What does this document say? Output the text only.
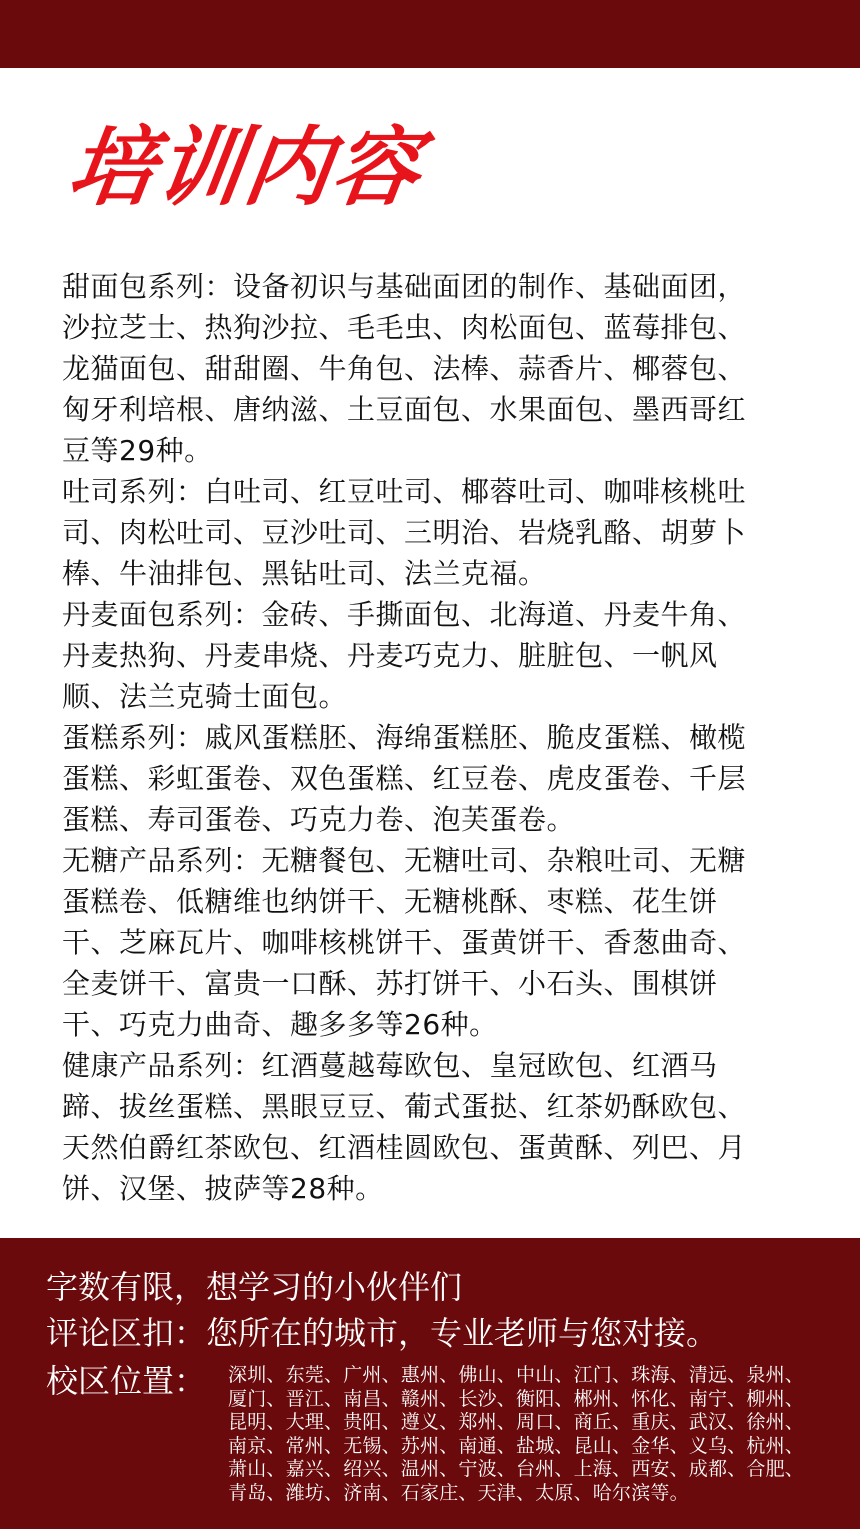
培训内容

甜面包系列：设备初识与基础面团的制作、基础面团，沙拉芝士、热狗沙拉、毛毛虫、肉松面包、蓝莓排包、龙猫面包、甜甜圈、牛角包、法棒、蒜香片、椰蓉包、匈牙利培根、唐纳滋、土豆面包、水果面包、墨西哥红豆等29种。

吐司系列：白吐司、红豆吐司、椰蓉吐司、咖啡核桃吐司、肉松吐司、豆沙吐司、三明治、岩烧乳酪、胡萝卜棒、牛油排包、黑钻吐司、法兰克福。

丹麦面包系列：金砖、手撕面包、北海道、丹麦牛角、丹麦热狗、丹麦串烧、丹麦巧克力、脏脏包、一帆风顺、法兰克骑士面包。

蛋糕系列：戚风蛋糕胚、海绵蛋糕胚、脆皮蛋糕、橄榄蛋糕、彩虹蛋卷、双色蛋糕、红豆卷、虎皮蛋卷、千层蛋糕、寿司蛋卷、巧克力卷、泡芙蛋卷。

无糖产品系列：无糖餐包、无糖吐司、杂粮吐司、无糖蛋糕卷、低糖维也纳饼干、无糖桃酥、枣糕、花生饼干、芝麻瓦片、咖啡核桃饼干、蛋黄饼干、香葱曲奇、全麦饼干、富贵一口酥、苏打饼干、小石头、围棋饼干、巧克力曲奇、趣多多等26种。

健康产品系列：红酒蔓越莓欧包、皇冠欧包、红酒马蹄、拔丝蛋糕、黑眼豆豆、葡式蛋挞、红茶奶酥欧包、天然伯爵红茶欧包、红酒桂圆欧包、蛋黄酥、列巴、月饼、汉堡、披萨等28种。

字数有限，想学习的小伙伴们
评论区扣：您所在的城市，专业老师与您对接。
校区位置： 深圳、东莞、广州、惠州、佛山、中山、江门、珠海、清远、泉州、厦门、晋江、南昌、赣州、长沙、衡阳、郴州、怀化、南宁、柳州、昆明、大理、贵阳、遵义、郑州、周口、商丘、重庆、武汉、徐州、南京、常州、无锡、苏州、南通、盐城、昆山、金华、义乌、杭州、萧山、嘉兴、绍兴、温州、宁波、台州、上海、西安、成都、合肥、青岛、潍坊、济南、石家庄、天津、太原、哈尔滨等。
